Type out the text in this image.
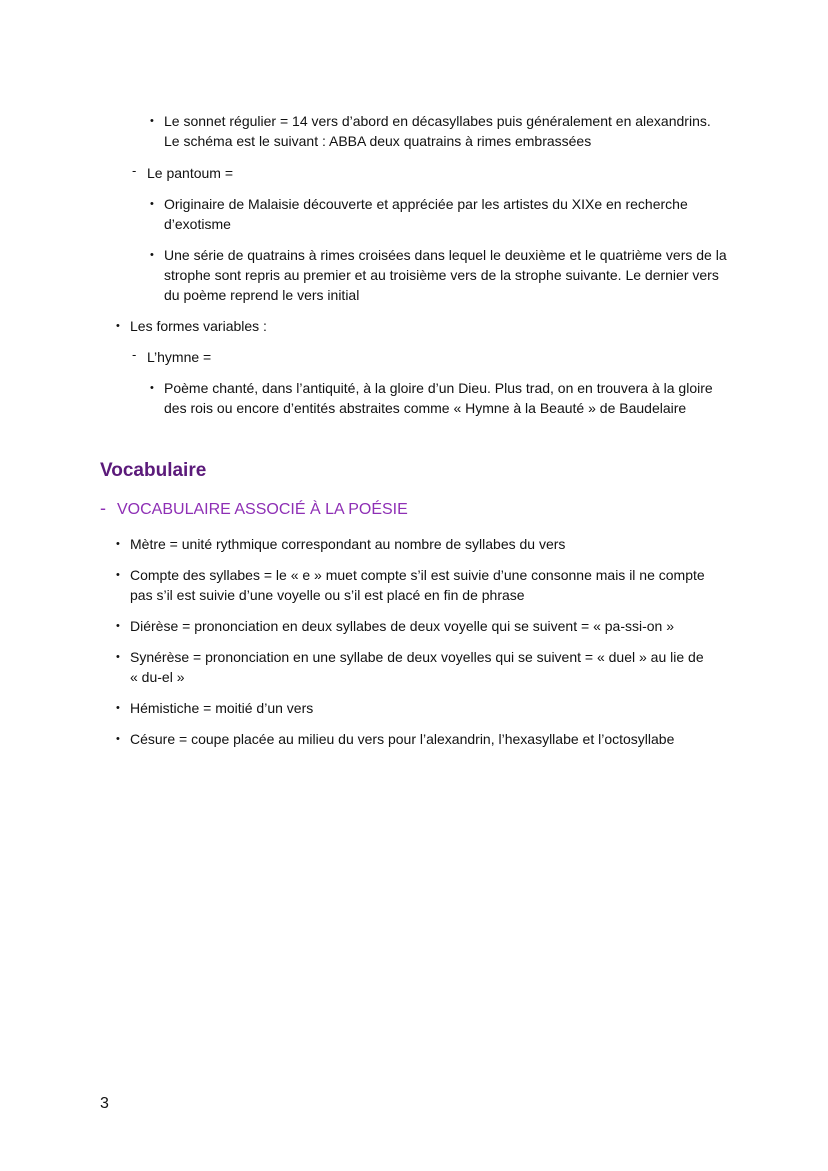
• Le sonnet régulier = 14 vers d’abord en décasyllabes puis généralement en alexandrins.
Le schéma est le suivant : ABBA deux quatrains à rimes embrassées
- Le pantoum =
• Originaire de Malaisie découverte et appréciée par les artistes du XIXe en recherche
d’exotisme
• Une série de quatrains à rimes croisées dans lequel le deuxième et le quatrième vers de la
strophe sont repris au premier et au troisième vers de la strophe suivante. Le dernier vers
du poème reprend le vers initial
• Les formes variables :
- L’hymne =
• Poème chanté, dans l’antiquité, à la gloire d’un Dieu. Plus trad, on en trouvera à la gloire
des rois ou encore d’entités abstraites comme « Hymne à la Beauté » de Baudelaire
Vocabulaire
- VOCABULAIRE ASSOCIÉ À LA POÉSIE
• Mètre = unité rythmique correspondant au nombre de syllabes du vers
• Compte des syllabes = le « e » muet compte s’il est suivie d’une consonne mais il ne compte
pas s’il est suivie d’une voyelle ou s’il est placé en fin de phrase
• Diérèse = prononciation en deux syllabes de deux voyelle qui se suivent = « pa-ssi-on »
• Synérèse = prononciation en une syllabe de deux voyelles qui se suivent = « duel » au lie de
« du-el »
• Hémistiche = moitié d’un vers
• Césure = coupe placée au milieu du vers pour l’alexandrin, l’hexasyllabe et l’octosyllabe
3
